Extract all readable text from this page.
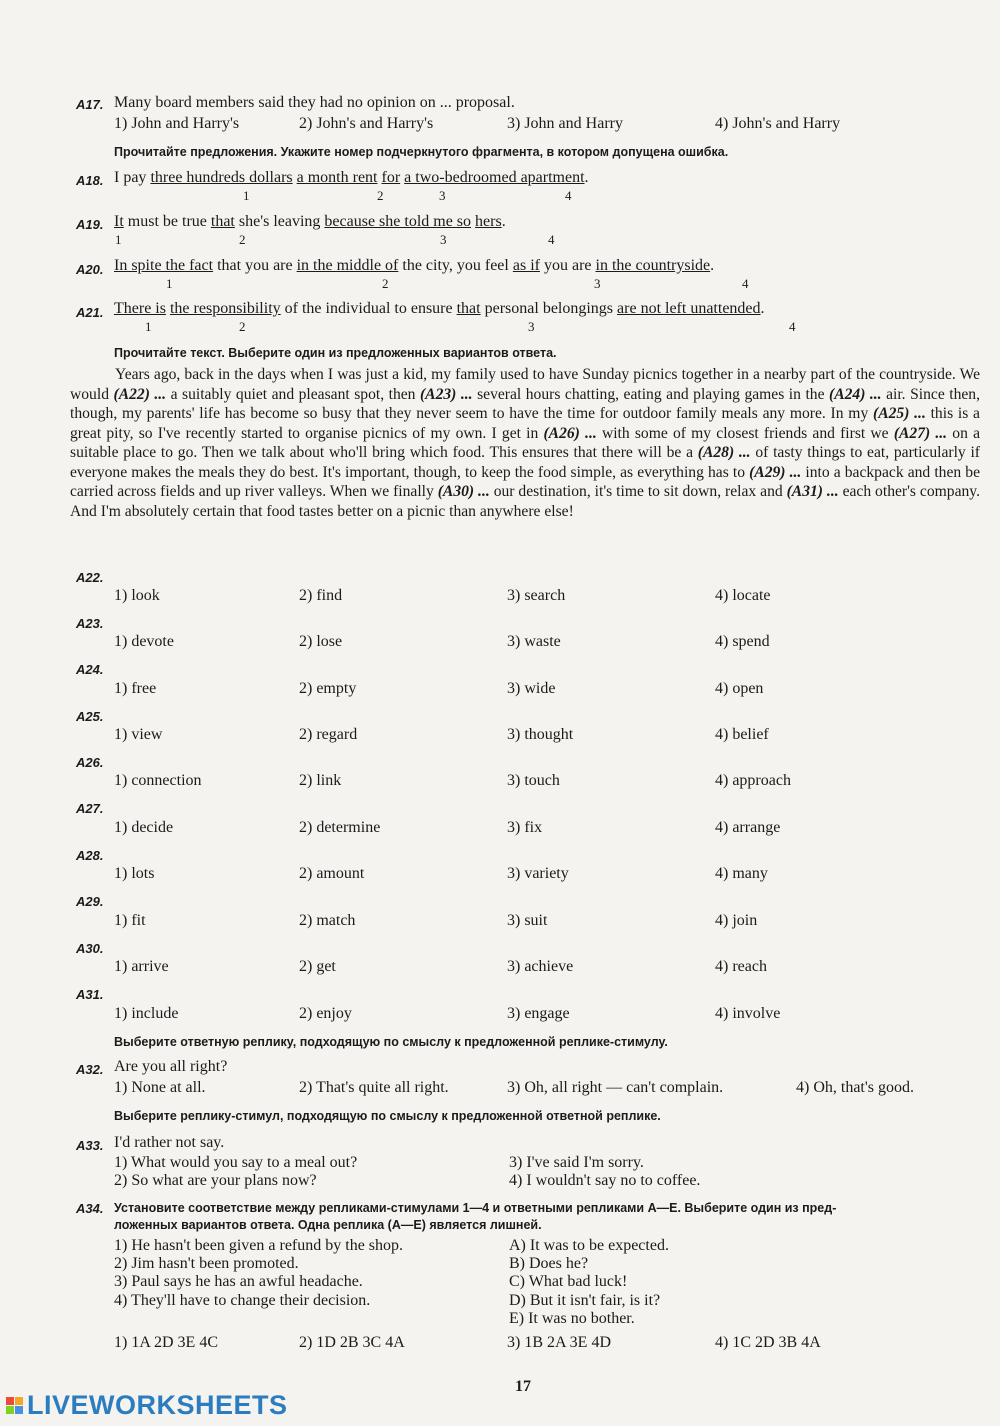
A17. Many board members said they had no opinion on ... proposal.
1) John and Harry's	2) John's and Harry's	3) John and Harry	4) John's and Harry
Прочитайте предложения. Укажите номер подчеркнутого фрагмента, в котором допущена ошибка.
A18. I pay three hundreds dollars a month rent for a two-bedroomed apartment.
1	2	3	4
A19. It must be true that she's leaving because she told me so hers.
1	2	3	4
A20. In spite the fact that you are in the middle of the city, you feel as if you are in the countryside.
1	2	3	4
A21. There is the responsibility of the individual to ensure that personal belongings are not left unattended.
1	2	3	4
Прочитайте текст. Выберите один из предложенных вариантов ответа.
Years ago, back in the days when I was just a kid, my family used to have Sunday picnics together in a nearby part of the countryside. We would (A22) ... a suitably quiet and pleasant spot, then (A23) ... several hours chatting, eating and playing games in the (A24) ... air. Since then, though, my parents' life has become so busy that they never seem to have the time for outdoor family meals any more. In my (A25) ... this is a great pity, so I've recently started to organise picnics of my own. I get in (A26) ... with some of my closest friends and first we (A27) ... on a suitable place to go. Then we talk about who'll bring which food. This ensures that there will be a (A28) ... of tasty things to eat, particularly if everyone makes the meals they do best. It's important, though, to keep the food simple, as everything has to (A29) ... into a backpack and then be carried across fields and up river valleys. When we finally (A30) ... our destination, it's time to sit down, relax and (A31) ... each other's company. And I'm absolutely certain that food tastes better on a picnic than anywhere else!
A22.
1) look	2) find	3) search	4) locate
A23.
1) devote	2) lose	3) waste	4) spend
A24.
1) free	2) empty	3) wide	4) open
A25.
1) view	2) regard	3) thought	4) belief
A26.
1) connection	2) link	3) touch	4) approach
A27.
1) decide	2) determine	3) fix	4) arrange
A28.
1) lots	2) amount	3) variety	4) many
A29.
1) fit	2) match	3) suit	4) join
A30.
1) arrive	2) get	3) achieve	4) reach
A31.
1) include	2) enjoy	3) engage	4) involve
Выберите ответную реплику, подходящую по смыслу к предложенной реплике-стимулу.
A32. Are you all right?
1) None at all.	2) That's quite all right.	3) Oh, all right — can't complain.	4) Oh, that's good.
Выберите реплику-стимул, подходящую по смыслу к предложенной ответной реплике.
A33. I'd rather not say.
1) What would you say to a meal out?
2) So what are your plans now?
3) I've said I'm sorry.
4) I wouldn't say no to coffee.
A34. Установите соответствие между репликами-стимулами 1—4 и ответными репликами А—Е. Выберите один из пред-
ложенных вариантов ответа. Одна реплика (А—Е) является лишней.
1) He hasn't been given a refund by the shop.
2) Jim hasn't been promoted.
3) Paul says he has an awful headache.
4) They'll have to change their decision.
A) It was to be expected.
B) Does he?
C) What bad luck!
D) But it isn't fair, is it?
E) It was no bother.
1) 1A 2D 3E 4C	2) 1D 2B 3C 4A	3) 1B 2A 3E 4D	4) 1C 2D 3B 4A
17
LIVEWORKSHEETS
